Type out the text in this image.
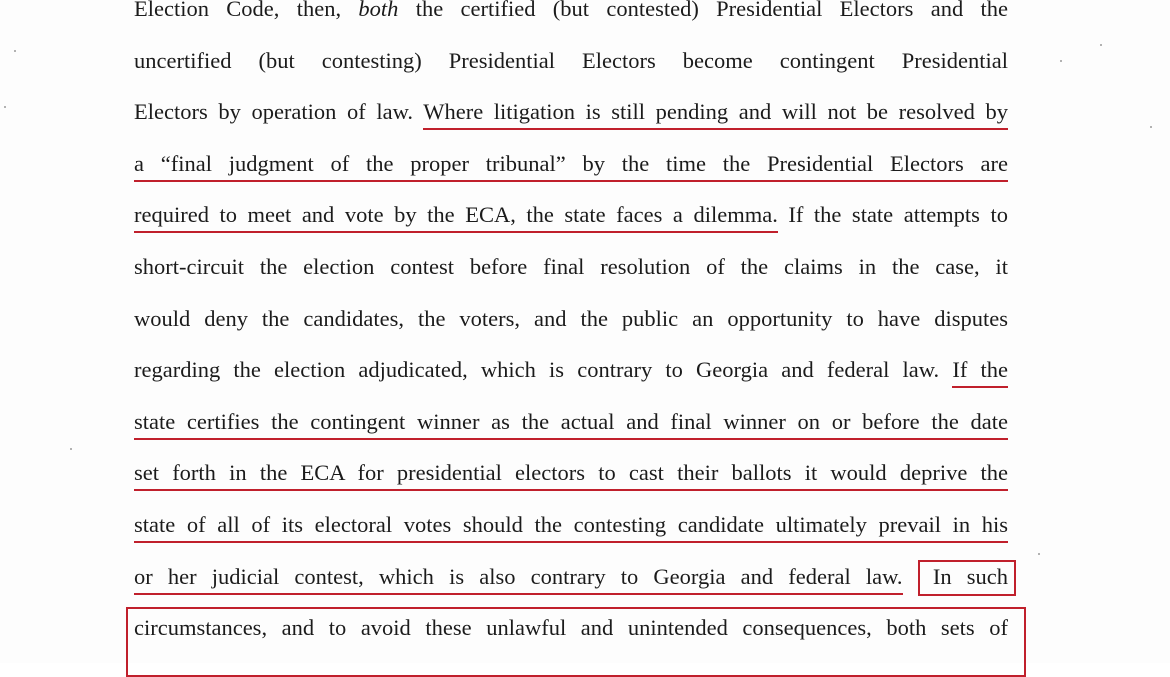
Election Code, then, both the certified (but contested) Presidential Electors and the
uncertified (but contesting) Presidential Electors become contingent Presidential
Electors by operation of law. Where litigation is still pending and will not be resolved by
a “final judgment of the proper tribunal” by the time the Presidential Electors are
required to meet and vote by the ECA, the state faces a dilemma. If the state attempts to
short-circuit the election contest before final resolution of the claims in the case, it
would deny the candidates, the voters, and the public an opportunity to have disputes
regarding the election adjudicated, which is contrary to Georgia and federal law. If the
state certifies the contingent winner as the actual and final winner on or before the date
set forth in the ECA for presidential electors to cast their ballots it would deprive the
state of all of its electoral votes should the contesting candidate ultimately prevail in his
or her judicial contest, which is also contrary to Georgia and federal law.  In such
circumstances, and to avoid these unlawful and unintended consequences, both sets of
